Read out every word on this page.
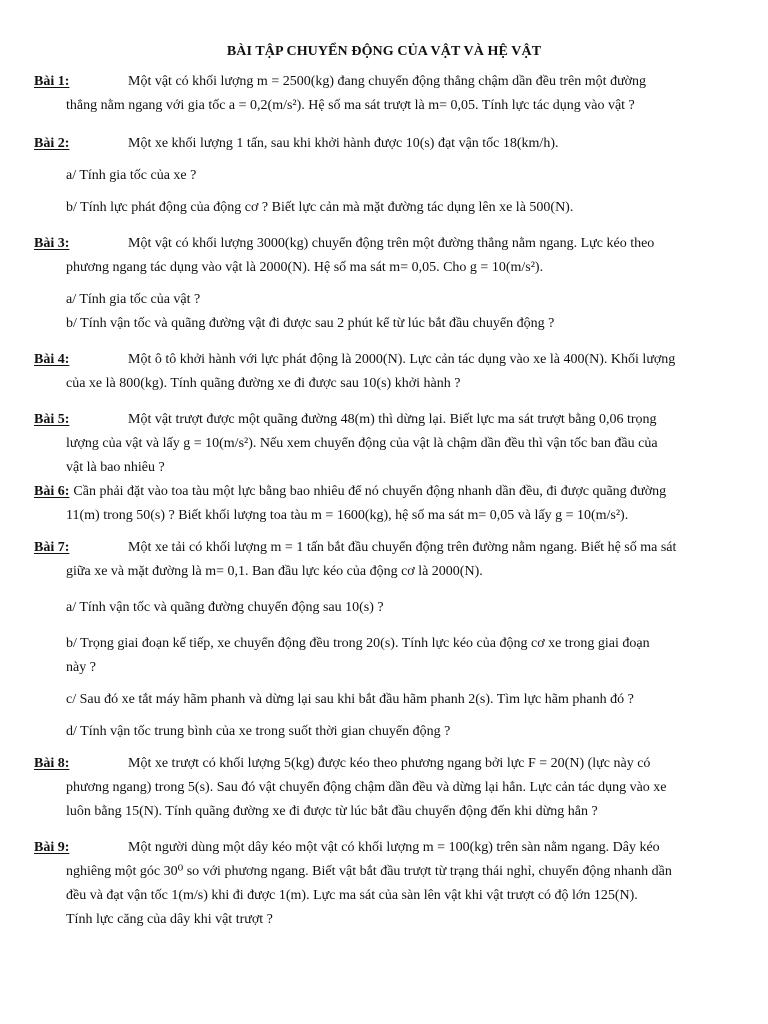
BÀI TẬP CHUYỂN ĐỘNG CỦA VẬT VÀ HỆ VẬT

Bài 1:	Một vật có khối lượng m = 2500(kg) đang chuyển động thẳng chậm dần đều trên một đường

thẳng nằm ngang với gia tốc a = 0,2(m/s²). Hệ số ma sát trượt là m= 0,05. Tính lực tác dụng vào vật ?

Bài 2:	Một xe khối lượng 1 tấn, sau khi khởi hành được 10(s) đạt vận tốc 18(km/h).

a/ Tính gia tốc của xe ?

b/ Tính lực phát động của động cơ ? Biết lực cản mà mặt đường tác dụng lên xe là 500(N).

Bài 3:	Một vật có khối lượng 3000(kg) chuyển động trên một đường thẳng nằm ngang. Lực kéo theo

phương ngang tác dụng vào vật là 2000(N). Hệ số ma sát m= 0,05. Cho g = 10(m/s²).

a/ Tính gia tốc của vật ?

b/ Tính vận tốc và quãng đường vật đi được sau 2 phút kể từ lúc bắt đầu chuyển động ?

Bài 4:	Một ô tô khởi hành với lực phát động là 2000(N). Lực cản tác dụng vào xe là 400(N). Khối lượng

của xe là 800(kg). Tính quãng đường xe đi được sau 10(s) khởi hành ?

Bài 5:	Một vật trượt được một quãng đường 48(m) thì dừng lại. Biết lực ma sát trượt bằng 0,06 trọng

lượng của vật và lấy g = 10(m/s²). Nếu xem chuyển động của vật là chậm dần đều thì vận tốc ban đầu của

vật là bao nhiêu ?

Bài 6: Cần phải đặt vào toa tàu một lực bằng bao nhiêu để nó chuyển động nhanh dần đều, đi được quãng đường

11(m) trong 50(s) ? Biết khối lượng toa tàu m = 1600(kg), hệ số ma sát m= 0,05 và lấy g = 10(m/s²).

Bài 7:	Một xe tải có khối lượng m = 1 tấn bắt đầu chuyển động trên đường nằm ngang. Biết hệ số ma sát

giữa xe và mặt đường là m= 0,1. Ban đầu lực kéo của động cơ là 2000(N).

a/ Tính vận tốc và quãng đường chuyển động sau 10(s) ?

b/ Trọng giai đoạn kế tiếp, xe chuyển động đều trong 20(s). Tính lực kéo của động cơ xe trong giai đoạn

này ?

c/ Sau đó xe tắt máy hãm phanh và dừng lại sau khi bắt đầu hãm phanh 2(s). Tìm lực hãm phanh đó ?

d/ Tính vận tốc trung bình của xe trong suốt thời gian chuyển động ?

Bài 8:	Một xe trượt có khối lượng 5(kg) được kéo theo phương ngang bởi lực F = 20(N) (lực này có

phương ngang) trong 5(s). Sau đó vật chuyển động chậm dần đều và dừng lại hẳn. Lực cản tác dụng vào xe

luôn bằng 15(N). Tính quãng đường xe đi được từ lúc bắt đầu chuyển động đến khi dừng hẳn ?

Bài 9:	Một người dùng một dây kéo một vật có khối lượng m = 100(kg) trên sàn nằm ngang. Dây kéo

nghiêng một góc 30⁰ so với phương ngang. Biết vật bắt đầu trượt từ trạng thái nghỉ, chuyển động nhanh dần

đều và đạt vận tốc 1(m/s) khi đi được 1(m). Lực ma sát của sàn lên vật khi vật trượt có độ lớn 125(N).

Tính lực căng của dây khi vật trượt ?
